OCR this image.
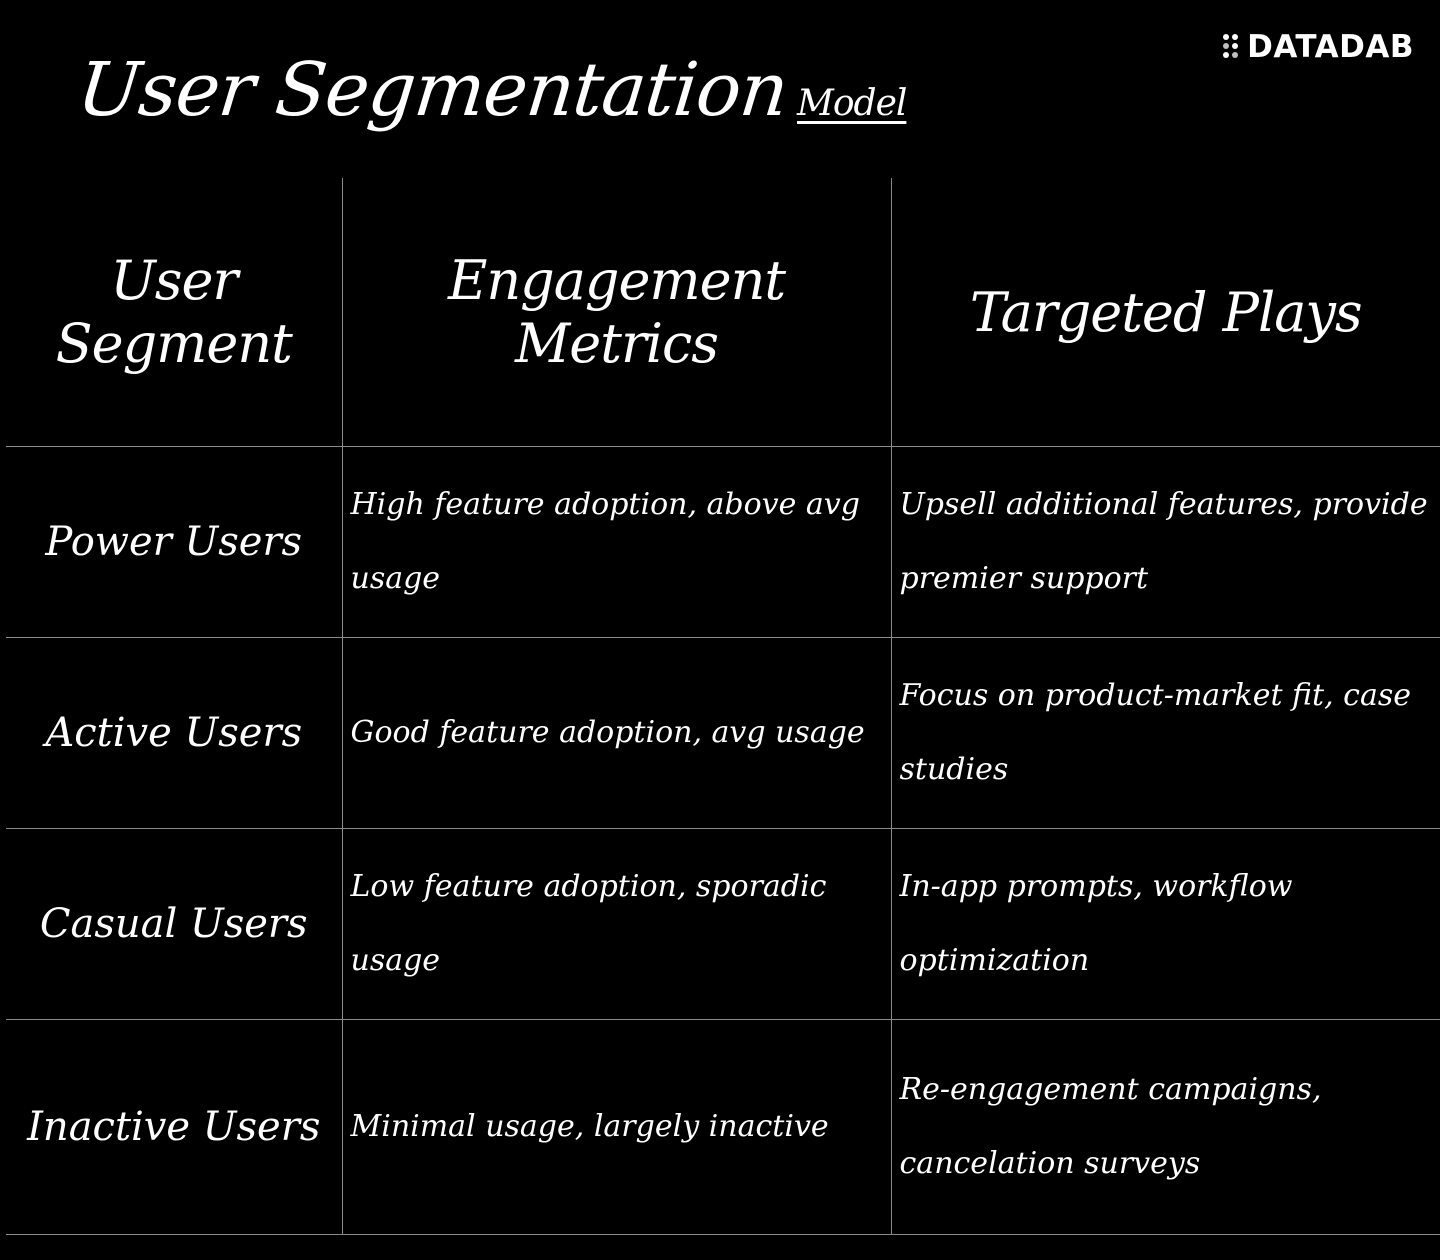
User Segmentation Model
DATADAB
User Segment	Engagement Metrics	Targeted Plays
Power Users	High feature adoption, above avg usage	Upsell additional features, provide premier support
Active Users	Good feature adoption, avg usage	Focus on product-market fit, case studies
Casual Users	Low feature adoption, sporadic usage	In-app prompts, workflow optimization
Inactive Users	Minimal usage, largely inactive	Re-engagement campaigns, cancelation surveys
